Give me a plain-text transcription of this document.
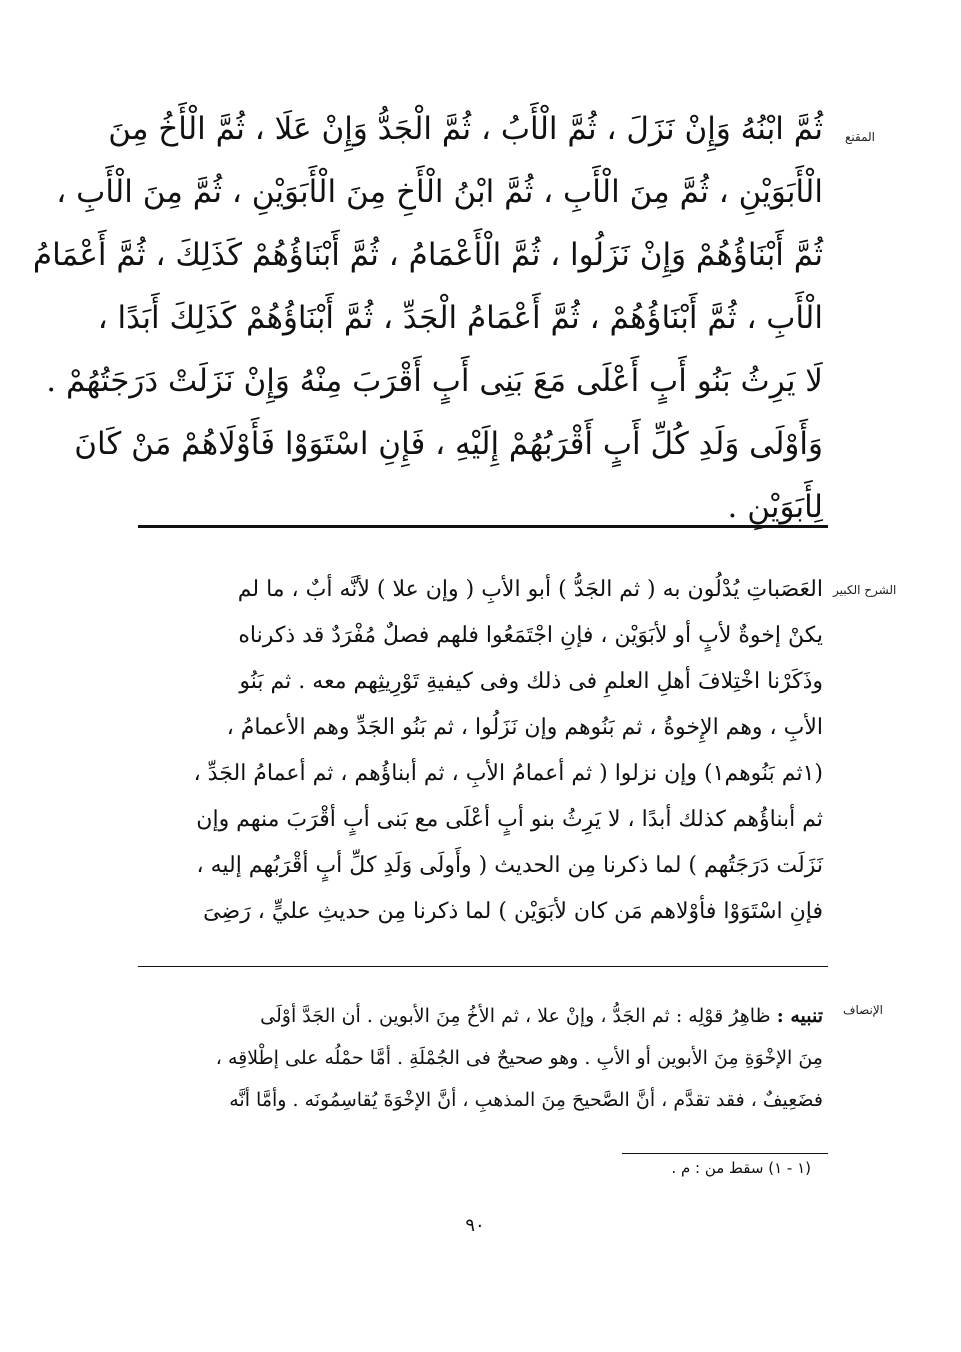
المقنع
الشرح الكبير
الإنصاف
ثُمَّ ابْنُهُ وَإِنْ نَزَلَ ، ثُمَّ الْأَبُ ، ثُمَّ الْجَدُّ وَإِنْ عَلَا ، ثُمَّ الْأَخُ مِنَ
الْأَبَوَيْنِ ، ثُمَّ مِنَ الْأَبِ ، ثُمَّ ابْنُ الْأَخِ مِنَ الْأَبَوَيْنِ ، ثُمَّ مِنَ الْأَبِ ،
ثُمَّ أَبْنَاؤُهُمْ وَإِنْ نَزَلُوا ، ثُمَّ الْأَعْمَامُ ، ثُمَّ أَبْنَاؤُهُمْ كَذَلِكَ ، ثُمَّ أَعْمَامُ
الْأَبِ ، ثُمَّ أَبْنَاؤُهُمْ ، ثُمَّ أَعْمَامُ الْجَدِّ ، ثُمَّ أَبْنَاؤُهُمْ كَذَلِكَ أَبَدًا ،
لَا يَرِثُ بَنُو أَبٍ أَعْلَى مَعَ بَنِى أَبٍ أَقْرَبَ مِنْهُ وَإِنْ نَزَلَتْ دَرَجَتُهُمْ .
وَأَوْلَى وَلَدِ كُلِّ أَبٍ أَقْرَبُهُمْ إِلَيْهِ ، فَإِنِ اسْتَوَوْا فَأَوْلَاهُمْ مَنْ كَانَ
لِأَبَوَيْنِ .
العَصَباتِ يُدْلُون به ( ثم الجَدُّ ) أبو الأبِ ( وإن علا ) لأنَّه أبٌ ، ما لم
يكنْ إخوةٌ لأبٍ أو لأبَوَيْن ، فإنِ اجْتَمَعُوا فلهم فصلٌ مُفْرَدٌ قد ذكرناه
وذَكَرْنا اخْتِلافَ أهلِ العلمِ فى ذلك وفى كيفيةِ تَوْرِيثِهم معه . ثم بَنُو
الأبِ ، وهم الإِخوةُ ، ثم بَنُوهم وإن نَزَلُوا ، ثم بَنُو الجَدِّ وهم الأعمامُ ،
(١ثم بَنُوهم١) وإن نزلوا ( ثم أعمامُ الأبِ ، ثم أبناؤُهم ، ثم أعمامُ الجَدِّ ،
ثم أبناؤُهم كذلك أبدًا ، لا يَرِثُ بنو أبٍ أعْلَى مع بَنى أبٍ أقْرَبَ منهم وإن
نَزَلَت دَرَجَتُهم ) لما ذكرنا مِن الحديث ( وأَولَى وَلَدِ كلِّ أبٍ أقْرَبُهم إليه ،
فإنِ اسْتَوَوْا فأوْلاهم مَن كان لأبَوَيْن ) لما ذكرنا مِن حديثِ عليٍّ ، رَضِىَ
تنبيه : ظاهِرُ قوْلِه : ثم الجَدُّ ، وإنْ علا ، ثم الأخُ مِنَ الأبوين . أن الجَدَّ أوْلَى
مِنَ الإخْوَةِ مِنَ الأبوين أو الأبِ . وهو صحيحٌ فى الجُمْلَةِ . أمَّا حمْلُه على إطْلاقِه ،
فضَعِيفٌ ، فقد تقدَّم ، أنَّ الصَّحيحَ مِنَ المذهبِ ، أنَّ الإخْوَةَ يُقاسِمُونَه . وأمَّا أنَّه
(١ - ١) سقط من : م .
٩٠
